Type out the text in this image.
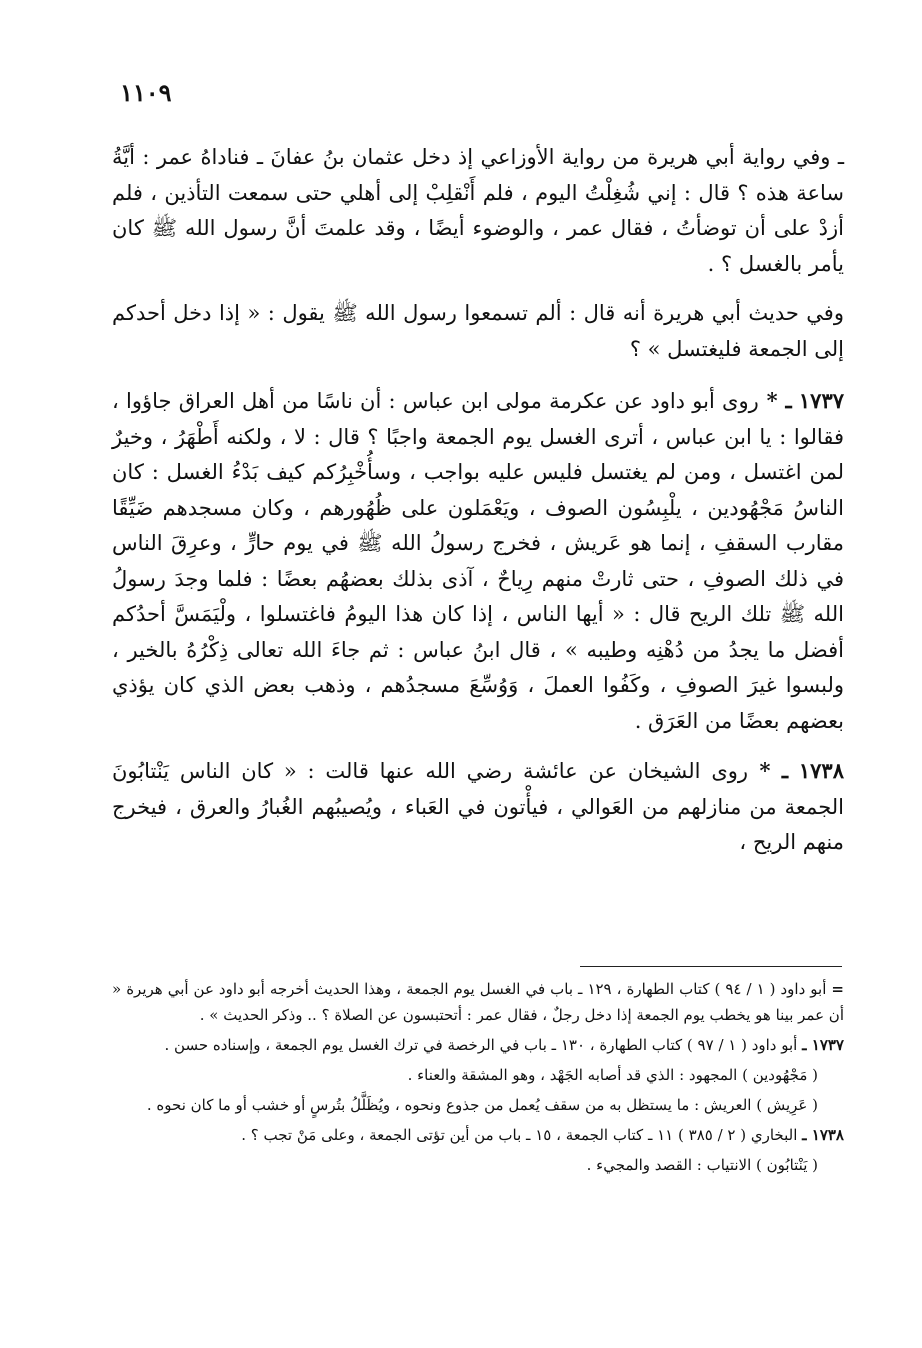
١١٠٩

ـ وفي رواية أبي هريرة من رواية الأوزاعي إذ دخل عثمان بنُ عفانَ ـ فناداهُ عمر : أيَّةُ ساعة هذه ؟ قال : إني شُغِلْتُ اليوم ، فلم أَنْقلِبْ إلى أهلي حتى سمعت التأذين ، فلم أزدْ على أن توضأتُ ، فقال عمر ، والوضوء أيضًا ، وقد علمتَ أنَّ رسول الله ﷺ كان يأمر بالغسل ؟ .

وفي حديث أبي هريرة أنه قال : ألم تسمعوا رسول الله ﷺ يقول : « إذا دخل أحدكم إلى الجمعة فليغتسل » ؟

١٧٣٧ ـ * روى أبو داود عن عكرمة مولى ابن عباس : أن ناسًا من أهل العراق جاؤوا ، فقالوا : يا ابن عباس ، أترى الغسل يوم الجمعة واجبًا ؟ قال : لا ، ولكنه أَطْهَرُ ، وخيرٌ لمن اغتسل ، ومن لم يغتسل فليس عليه بواجب ، وسأُخْبِرُكم كيف بَدْءُ الغسل : كان الناسُ مَجْهُودين ، يلْبِسُون الصوف ، ويَعْمَلون على ظُهُورهم ، وكان مسجدهم ضَيِّقًا مقارب السقفِ ، إنما هو عَريش ، فخرج رسولُ الله ﷺ في يوم حارٍّ ، وعرِقَ الناس في ذلك الصوفِ ، حتى ثارتْ منهم رِياحٌ ، آذى بذلك بعضهُم بعضًا : فلما وجدَ رسولُ الله ﷺ تلك الريح قال : « أيها الناس ، إذا كان هذا اليومُ فاغتسلوا ، ولْيَمَسَّ أحدُكم أفضل ما يجدُ من دُهْنِه وطيبه » ، قال ابنُ عباس : ثم جاءَ الله تعالى ذِكْرُهُ بالخير ، ولبسوا غيرَ الصوفِ ، وكَفُوا العملَ ، وَوُسِّعَ مسجدُهم ، وذهب بعض الذي كان يؤذي بعضهم بعضًا من العَرَق .

١٧٣٨ ـ * روى الشيخان عن عائشة رضي الله عنها قالت : « كان الناس يَنْتابُونَ الجمعة من منازلهم من العَوالي ، فيأْتون في العَباء ، ويُصيبُهم الغُبارُ والعرق ، فيخرج منهم الريح ،

= أبو داود ( ١ / ٩٤ ) كتاب الطهارة ، ١٢٩ ـ باب في الغسل يوم الجمعة ، وهذا الحديث أخرجه أبو داود عن أبي هريرة « أن عمر بينا هو يخطب يوم الجمعة إذا دخل رجلٌ ، فقال عمر : أتحتبسون عن الصلاة ؟ .. وذكر الحديث » .
١٧٣٧ ـ أبو داود ( ١ / ٩٧ ) كتاب الطهارة ، ١٣٠ ـ باب في الرخصة في ترك الغسل يوم الجمعة ، وإسناده حسن .
( مَجْهُودين ) المجهود : الذي قد أصابه الجَهْد ، وهو المشقة والعناء .
( عَرِيش ) العريش : ما يستظل به من سقف يُعمل من جذوع ونحوه ، ويُظَلَّلُ بتُرسٍ أو خشب أو ما كان نحوه .
١٧٣٨ ـ البخاري ( ٢ / ٣٨٥ ) ١١ ـ كتاب الجمعة ، ١٥ ـ باب من أين تؤتى الجمعة ، وعلى مَنْ تجب ؟ .
( يَنْتابُون ) الانتياب : القصد والمجيء .
